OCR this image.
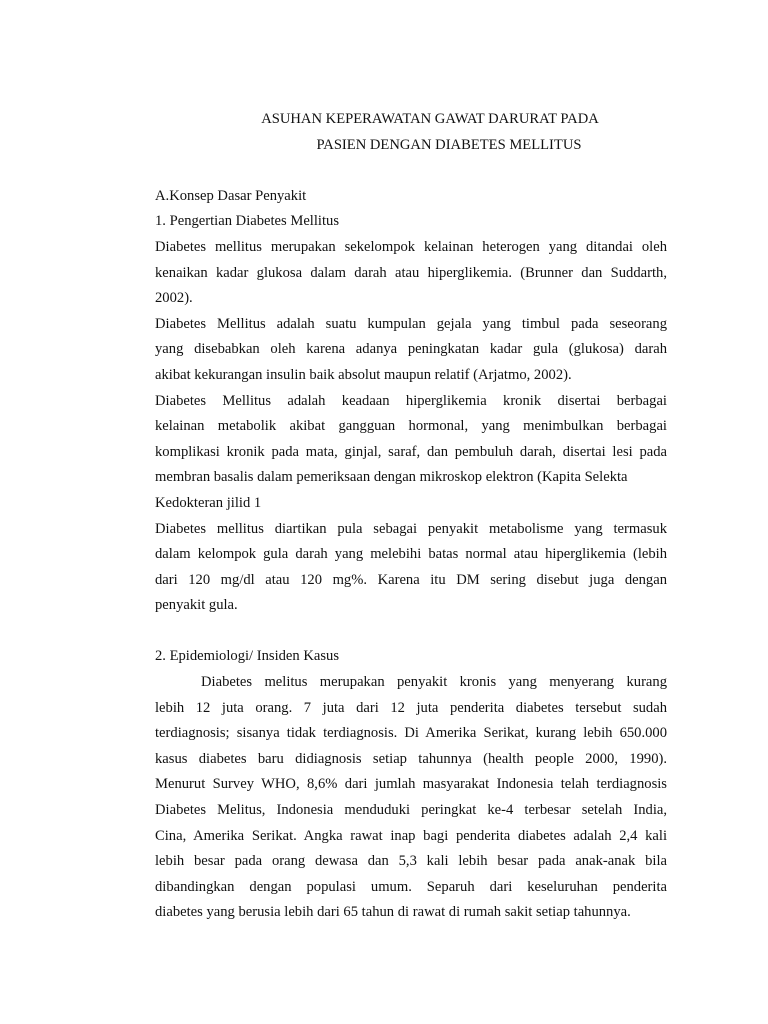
ASUHAN KEPERAWATAN GAWAT DARURAT PADA
PASIEN DENGAN DIABETES MELLITUS
A.Konsep Dasar Penyakit
1. Pengertian Diabetes Mellitus
Diabetes mellitus merupakan sekelompok kelainan heterogen yang ditandai oleh
kenaikan kadar glukosa dalam darah atau hiperglikemia. (Brunner dan Suddarth,
2002).
Diabetes Mellitus adalah suatu kumpulan gejala yang timbul pada seseorang
yang disebabkan oleh karena adanya peningkatan kadar gula (glukosa) darah
akibat kekurangan insulin baik absolut maupun relatif (Arjatmo, 2002).
Diabetes Mellitus adalah keadaan hiperglikemia kronik disertai berbagai
kelainan metabolik akibat gangguan hormonal, yang menimbulkan berbagai
komplikasi kronik pada mata, ginjal, saraf, dan pembuluh darah, disertai lesi pada
membran basalis dalam pemeriksaan dengan mikroskop elektron (Kapita Selekta
Kedokteran jilid 1
Diabetes mellitus diartikan pula sebagai penyakit metabolisme yang termasuk
dalam kelompok gula darah yang melebihi batas normal atau hiperglikemia (lebih
dari 120 mg/dl atau 120 mg%. Karena itu DM sering disebut juga dengan
penyakit gula.
2. Epidemiologi/ Insiden Kasus
Diabetes melitus merupakan penyakit kronis yang menyerang kurang
lebih 12 juta orang. 7 juta dari 12 juta penderita diabetes tersebut sudah
terdiagnosis; sisanya tidak terdiagnosis. Di Amerika Serikat, kurang lebih 650.000
kasus diabetes baru didiagnosis setiap tahunnya (health people 2000, 1990).
Menurut Survey WHO, 8,6% dari jumlah masyarakat Indonesia telah terdiagnosis
Diabetes Melitus, Indonesia menduduki peringkat ke-4 terbesar setelah India,
Cina, Amerika Serikat. Angka rawat inap bagi penderita diabetes adalah 2,4 kali
lebih besar pada orang dewasa dan 5,3 kali lebih besar pada anak-anak bila
dibandingkan dengan populasi umum. Separuh dari keseluruhan penderita
diabetes yang berusia lebih dari 65 tahun di rawat di rumah sakit setiap tahunnya.
